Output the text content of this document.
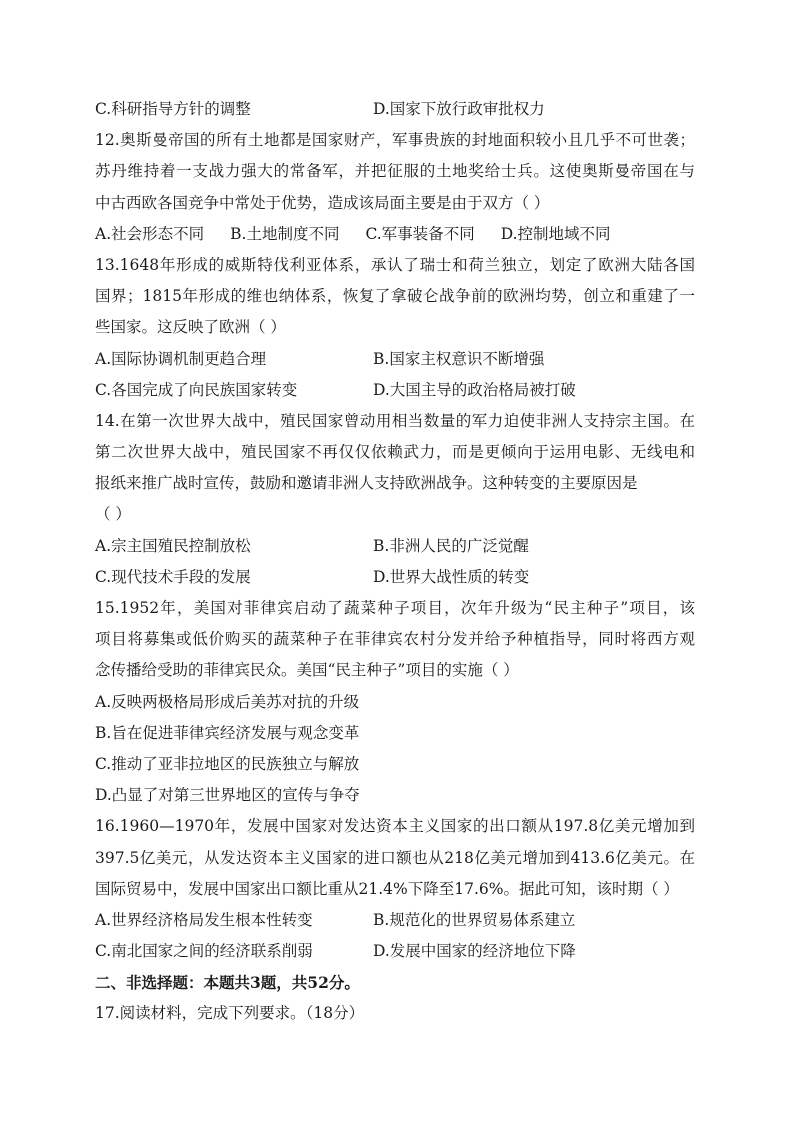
C.科研指导方针的调整	D.国家下放行政审批权力
12.奥斯曼帝国的所有土地都是国家财产，军事贵族的封地面积较小且几乎不可世袭；
苏丹维持着一支战力强大的常备军，并把征服的土地奖给士兵。这使奥斯曼帝国在与
中古西欧各国竞争中常处于优势，造成该局面主要是由于双方（ ）
A.社会形态不同 B.土地制度不同 C.军事装备不同 D.控制地域不同
13.1648年形成的威斯特伐利亚体系，承认了瑞士和荷兰独立，划定了欧洲大陆各国
国界；1815年形成的维也纳体系，恢复了拿破仑战争前的欧洲均势，创立和重建了一
些国家。这反映了欧洲（ ）
A.国际协调机制更趋合理	B.国家主权意识不断增强
C.各国完成了向民族国家转变	D.大国主导的政治格局被打破
14.在第一次世界大战中，殖民国家曾动用相当数量的军力迫使非洲人支持宗主国。在
第二次世界大战中，殖民国家不再仅仅依赖武力，而是更倾向于运用电影、无线电和
报纸来推广战时宣传，鼓励和邀请非洲人支持欧洲战争。这种转变的主要原因是
（ ）
A.宗主国殖民控制放松	B.非洲人民的广泛觉醒
C.现代技术手段的发展	D.世界大战性质的转变
15.1952年，美国对菲律宾启动了蔬菜种子项目，次年升级为“民主种子”项目，该
项目将募集或低价购买的蔬菜种子在菲律宾农村分发并给予种植指导，同时将西方观
念传播给受助的菲律宾民众。美国“民主种子”项目的实施（ ）
A.反映两极格局形成后美苏对抗的升级
B.旨在促进菲律宾经济发展与观念变革
C.推动了亚非拉地区的民族独立与解放
D.凸显了对第三世界地区的宣传与争夺
16.1960—1970年，发展中国家对发达资本主义国家的出口额从197.8亿美元增加到
397.5亿美元，从发达资本主义国家的进口额也从218亿美元增加到413.6亿美元。在
国际贸易中，发展中国家出口额比重从21.4%下降至17.6%。据此可知，该时期（ ）
A.世界经济格局发生根本性转变	B.规范化的世界贸易体系建立
C.南北国家之间的经济联系削弱	D.发展中国家的经济地位下降
二、非选择题：本题共3题，共52分。
17.阅读材料，完成下列要求。（18分）
